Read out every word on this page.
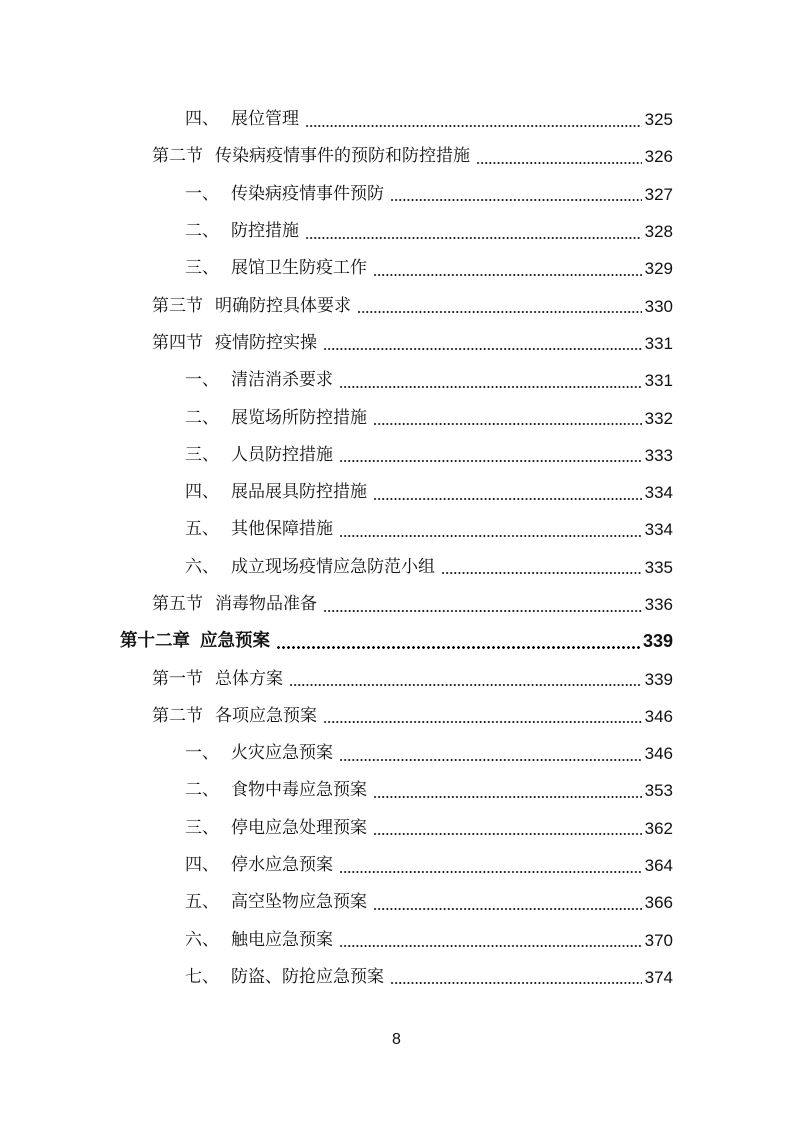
四、 展位管理	325
第二节 传染病疫情事件的预防和防控措施	326
一、 传染病疫情事件预防	327
二、 防控措施	328
三、 展馆卫生防疫工作	329
第三节 明确防控具体要求	330
第四节 疫情防控实操	331
一、 清洁消杀要求	331
二、 展览场所防控措施	332
三、 人员防控措施	333
四、 展品展具防控措施	334
五、 其他保障措施	334
六、 成立现场疫情应急防范小组	335
第五节 消毒物品准备	336
第十二章 应急预案	339
第一节 总体方案	339
第二节 各项应急预案	346
一、 火灾应急预案	346
二、 食物中毒应急预案	353
三、 停电应急处理预案	362
四、 停水应急预案	364
五、 高空坠物应急预案	366
六、 触电应急预案	370
七、 防盗、防抢应急预案	374
8
